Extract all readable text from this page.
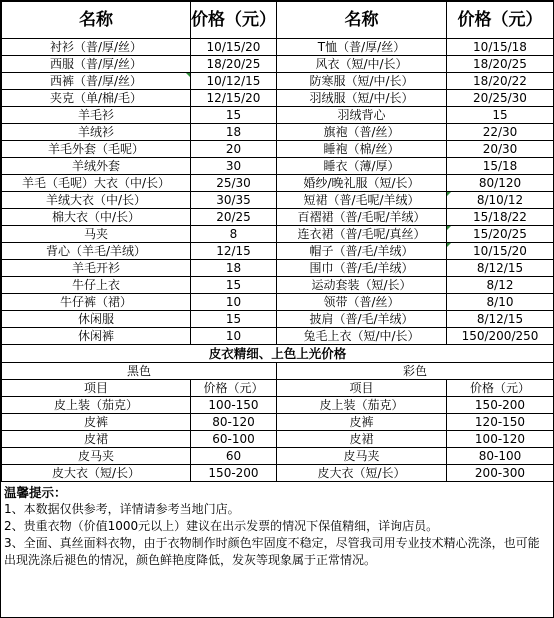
名称	价格（元）	名称	价格（元）
衬衫（普/厚/丝）	10/15/20	T恤（普/厚/丝）	10/15/18
西服（普/厚/丝）	18/20/25	风衣（短/中/长）	18/20/25
西裤（普/厚/丝）	10/12/15	防寒服（短/中/长）	18/20/22
夹克（单/棉/毛）	12/15/20	羽绒服（短/中/长）	20/25/30
羊毛衫	15	羽绒背心	15
羊绒衫	18	旗袍（普/丝）	22/30
羊毛外套（毛呢）	20	睡袍（棉/丝）	20/30
羊绒外套	30	睡衣（薄/厚）	15/18
羊毛（毛呢）大衣（中/长）	25/30	婚纱/晚礼服（短/长）	80/120
羊绒大衣（中/长）	30/35	短裙（普/毛呢/羊绒）	8/10/12
棉大衣（中/长）	20/25	百褶裙（普/毛呢/羊绒）	15/18/22
马夹	8	连衣裙（普/毛呢/真丝）	15/20/25
背心（羊毛/羊绒）	12/15	帽子（普/毛/羊绒）	10/15/20
羊毛开衫	18	围巾（普/毛/羊绒）	8/12/15
牛仔上衣	15	运动套装（短/长）	8/12
牛仔裤（裙）	10	领带（普/丝）	8/10
休闲服	15	披肩（普/毛/羊绒）	8/12/15
休闲裤	10	兔毛上衣（短/中/长）	150/200/250
皮衣精细、上色上光价格			
黑色		彩色	
项目	价格（元）	项目	价格（元）
皮上装（茄克）	100-150	皮上装（茄克）	150-200
皮裤	80-120	皮裤	120-150
皮裙	60-100	皮裙	100-120
皮马夹	60	皮马夹	80-100
皮大衣（短/长）	150-200	皮大衣（短/长）	200-300
温馨提示：

1、本数据仅供参考，详情请参考当地门店。

2、贵重衣物（价值1000元以上）建议在出示发票的情况下保值精细，详询店员。

3、全面、真丝面料衣物，由于衣物制作时颜色牢固度不稳定，尽管我司用专业技术精心洗涤，也可能出现洗涤后褪色的情况，颜色鲜艳度降低，发灰等现象属于正常情况。
